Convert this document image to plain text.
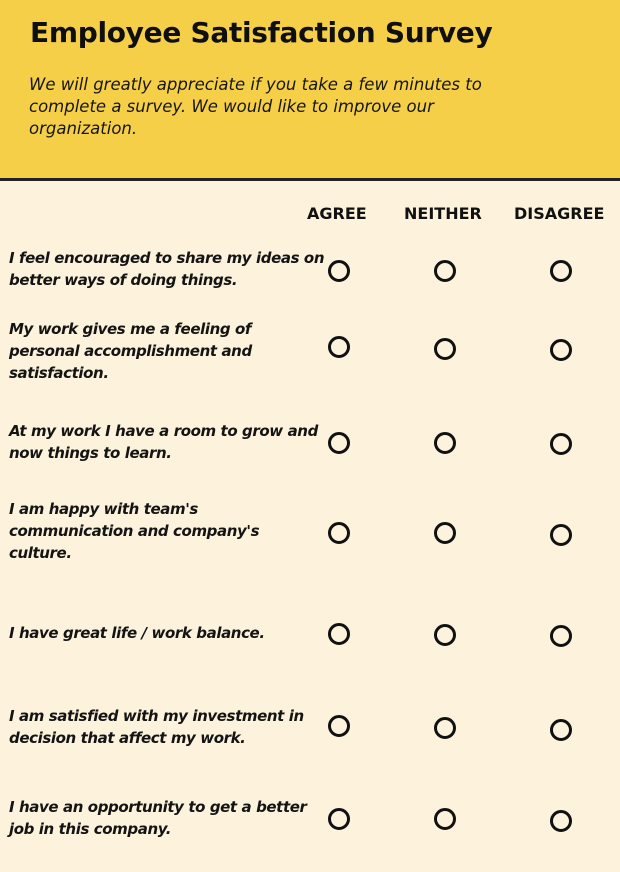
Employee Satisfaction Survey

We will greatly appreciate if you take a few minutes to complete a survey. We would like to improve our organization.

AGREE NEITHER DISAGREE
I feel encouraged to share my ideas on better ways of doing things.
My work gives me a feeling of personal accomplishment and satisfaction.
At my work I have a room to grow and now things to learn.
I am happy with team's communication and company's culture.
I have great life / work balance.
I am satisfied with my investment in decision that affect my work.
I have an opportunity to get a better job in this company.
